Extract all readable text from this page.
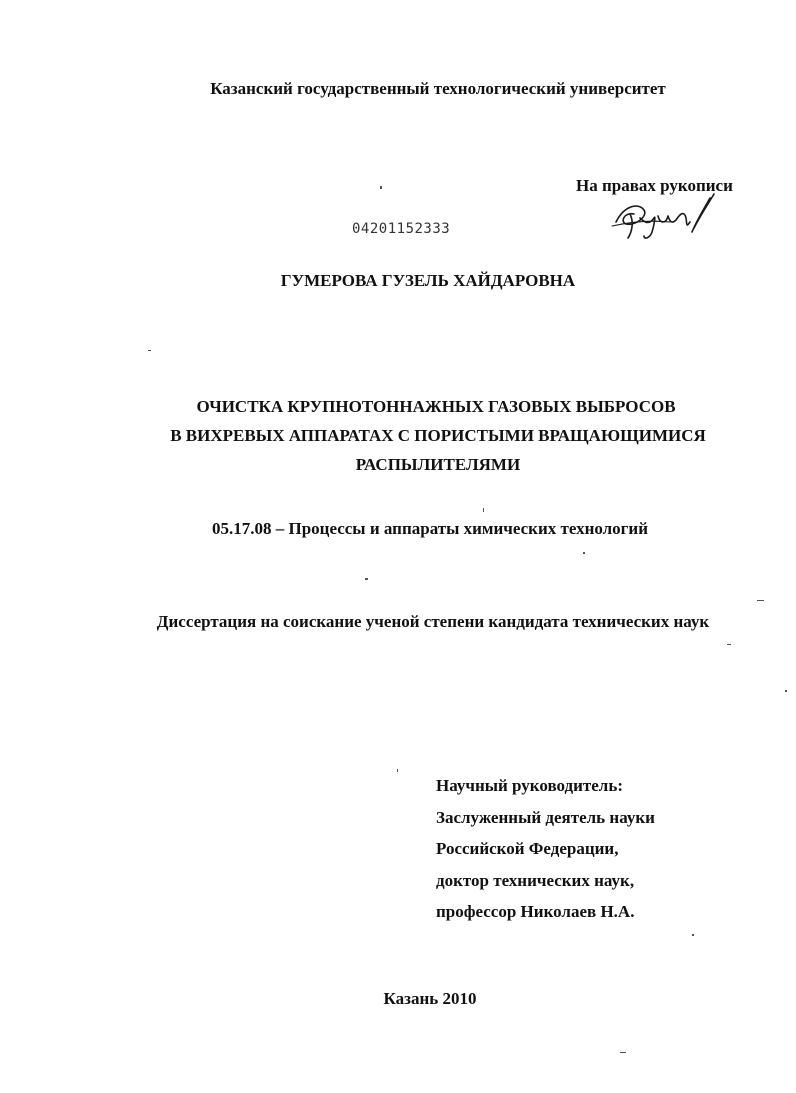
Казанский государственный технологический университет
На правах рукописи
04201152333
ГУМЕРОВА ГУЗЕЛЬ ХАЙДАРОВНА
ОЧИСТКА КРУПНОТОННАЖНЫХ ГАЗОВЫХ ВЫБРОСОВ
В ВИХРЕВЫХ АППАРАТАХ С ПОРИСТЫМИ ВРАЩАЮЩИМИСЯ
РАСПЫЛИТЕЛЯМИ
05.17.08 – Процессы и аппараты химических технологий
Диссертация на соискание ученой степени кандидата технических наук
Научный руководитель:
Заслуженный деятель науки
Российской Федерации,
доктор технических наук,
профессор Николаев Н.А.
Казань 2010
